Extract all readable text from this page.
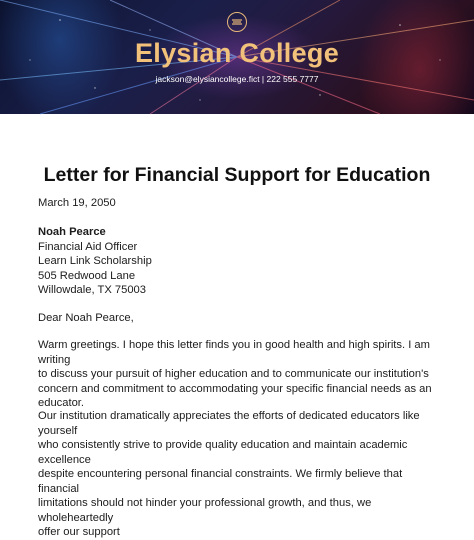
Elysian College
jackson@elysiancollege.fict | 222 555 7777
Letter for Financial Support for Education
March 19, 2050
Noah Pearce
Financial Aid Officer
Learn Link Scholarship
505 Redwood Lane
Willowdale, TX 75003
Dear Noah Pearce,
Warm greetings. I hope this letter finds you in good health and high spirits. I am writing
to discuss your pursuit of higher education and to communicate our institution's
concern and commitment to accommodating your specific financial needs as an
educator.
Our institution dramatically appreciates the efforts of dedicated educators like yourself
who consistently strive to provide quality education and maintain academic excellence
despite encountering personal financial constraints. We firmly believe that financial
limitations should not hinder your professional growth, and thus, we wholeheartedly
offer our support
